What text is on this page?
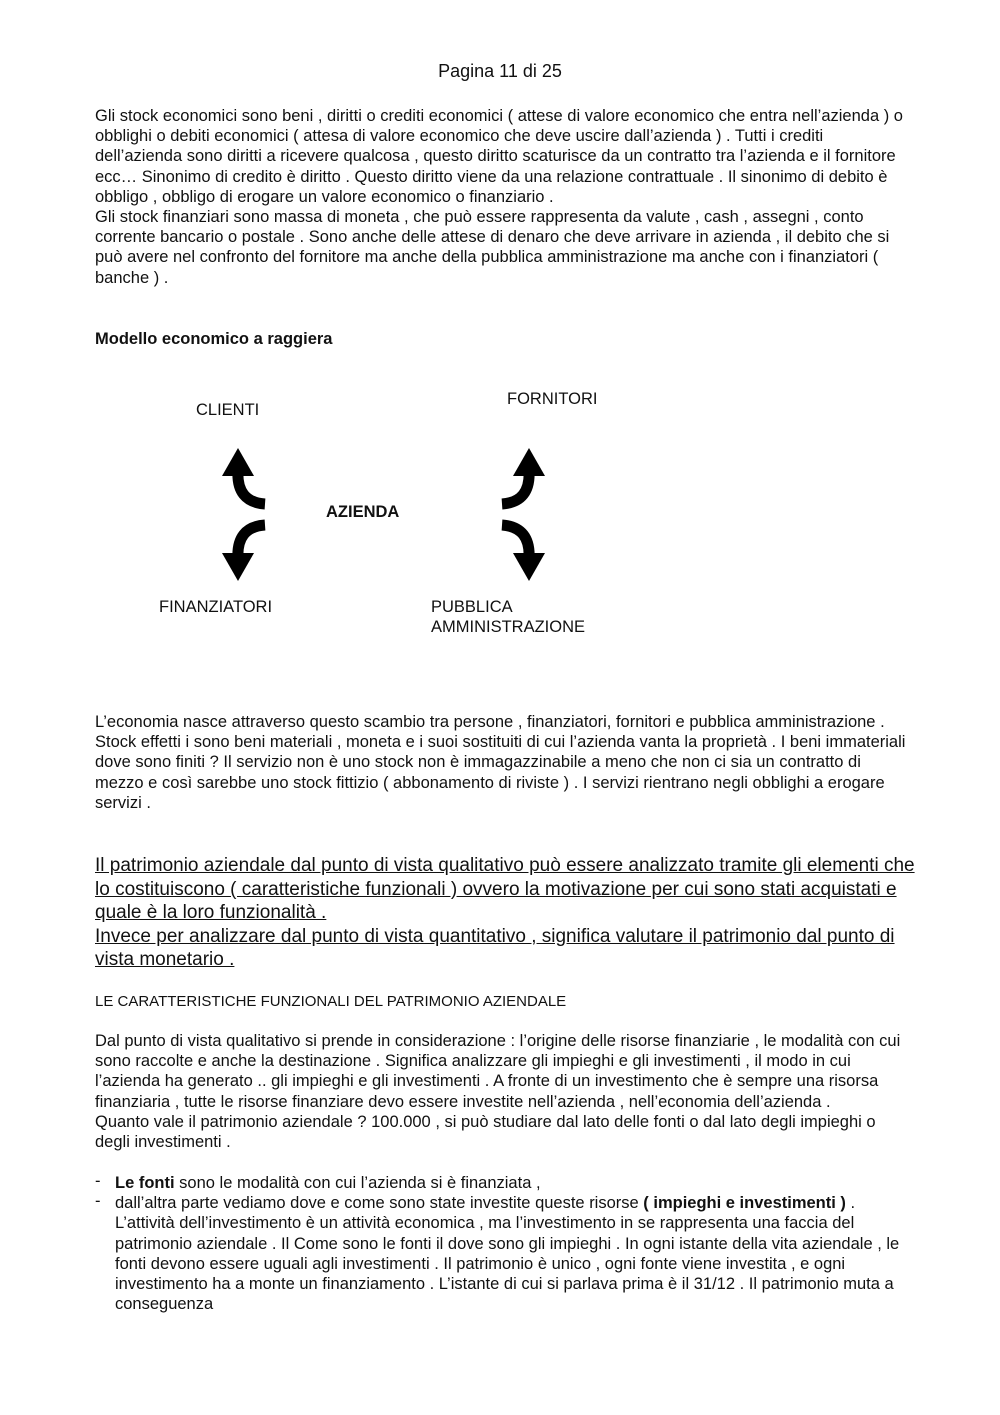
Pagina 11 di 25

Gli stock economici sono beni , diritti o crediti economici ( attese di valore economico che entra nell’azienda ) o obblighi o debiti economici ( attesa di valore economico che deve uscire dall’azienda ) . Tutti i crediti dell’azienda sono diritti a ricevere qualcosa , questo diritto scaturisce da un contratto tra l’azienda e il fornitore ecc… Sinonimo di credito è diritto . Questo diritto viene da una relazione contrattuale . Il sinonimo di debito è obbligo , obbligo di erogare un valore economico o finanziario .

Gli stock finanziari sono massa di moneta , che può essere rappresenta da valute , cash , assegni , conto corrente bancario o postale . Sono anche delle attese di denaro che deve arrivare in azienda , il debito che si può avere nel confronto del fornitore ma anche della pubblica amministrazione ma anche con i finanziatori ( banche ) .

Modello economico a raggiera
CLIENTI
FORNITORI
AZIENDA
FINANZIATORI	PUBBLICA
AMMINISTRAZIONE

L’economia nasce attraverso questo scambio tra persone , finanziatori, fornitori e pubblica amministrazione .

Stock effetti i sono beni materiali , moneta e i suoi sostituiti di cui l’azienda vanta la proprietà . I beni immateriali dove sono finiti ? Il servizio non è uno stock non è immagazzinabile a meno che non ci sia un contratto di mezzo e così sarebbe uno stock fittizio ( abbonamento di riviste ) . I servizi rientrano negli obblighi a erogare servizi .

Il patrimonio aziendale dal punto di vista qualitativo può essere analizzato tramite gli elementi che lo costituiscono ( caratteristiche funzionali ) ovvero la motivazione per cui sono stati acquistati e quale è la loro funzionalità .

Invece per analizzare dal punto di vista quantitativo , significa valutare il patrimonio dal punto di vista monetario .

LE CARATTERISTICHE FUNZIONALI DEL PATRIMONIO AZIENDALE

Dal punto di vista qualitativo si prende in considerazione : l’origine delle risorse finanziarie , le modalità con cui sono raccolte e anche la destinazione . Significa analizzare gli impieghi e gli investimenti , il modo in cui l’azienda ha generato .. gli impieghi e gli investimenti . A fronte di un investimento che è sempre una risorsa finanziaria , tutte le risorse finanziare devo essere investite nell’azienda , nell’economia dell’azienda .

Quanto vale il patrimonio aziendale ? 100.000 , si può studiare dal lato delle fonti o dal lato degli impieghi o degli investimenti .

- Le fonti sono le modalità con cui l’azienda si è finanziata ,
- dall’altra parte vediamo dove e come sono state investite queste risorse ( impieghi e investimenti ) . L’attività dell’investimento è un attività economica , ma l’investimento in se rappresenta una faccia del patrimonio aziendale . Il Come sono le fonti il dove sono gli impieghi . In ogni istante della vita aziendale , le fonti devono essere uguali agli investimenti . Il patrimonio è unico , ogni fonte viene investita , e ogni investimento ha a monte un finanziamento . L’istante di cui si parlava prima è il 31/12 . Il patrimonio muta a conseguenza
